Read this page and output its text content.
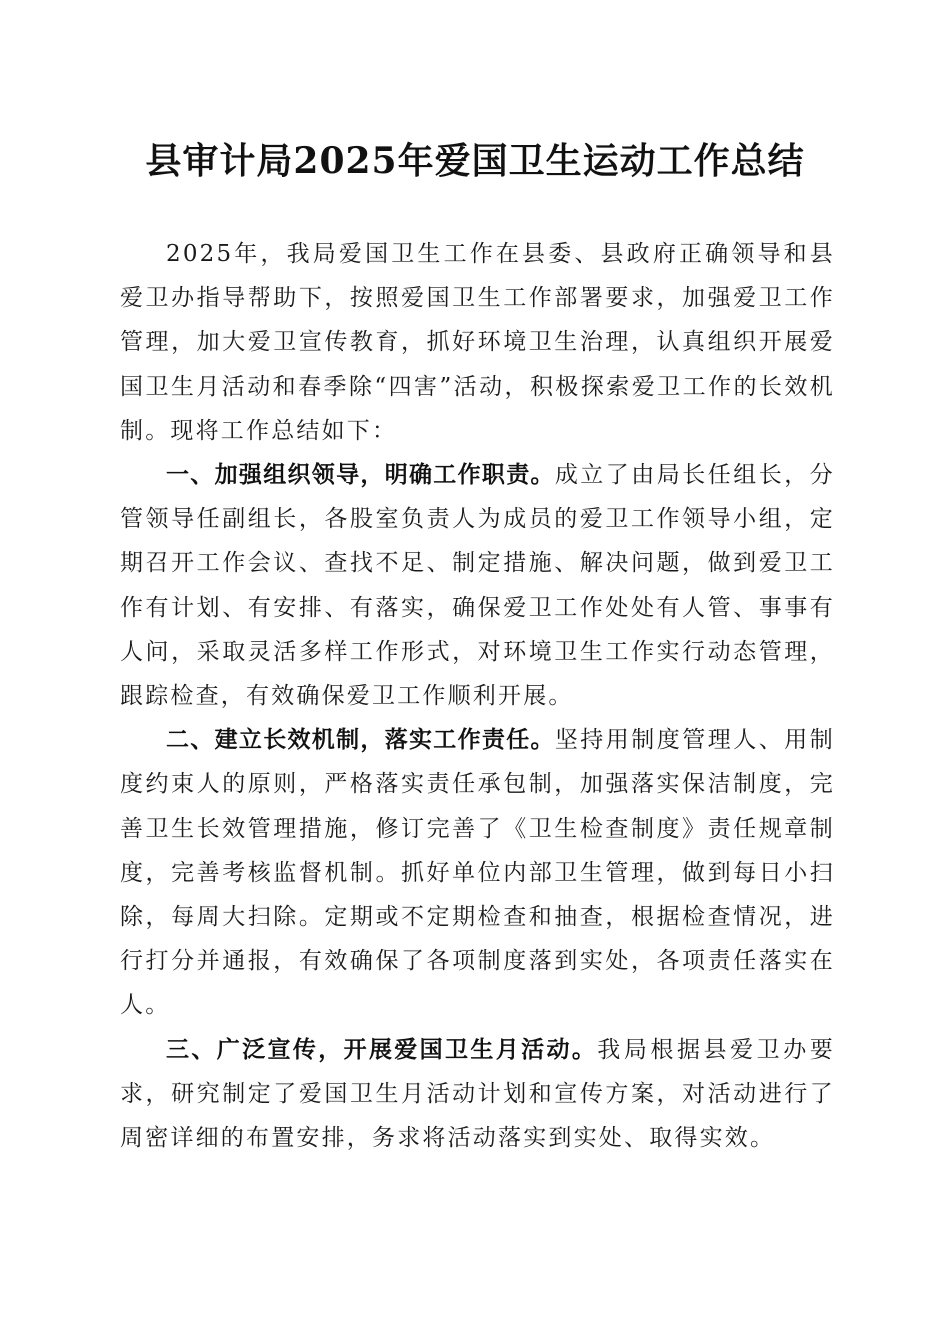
县审计局2025年爱国卫生运动工作总结

2025年，我局爱国卫生工作在县委、县政府正确领导和县爱卫办指导帮助下，按照爱国卫生工作部署要求，加强爱卫工作管理，加大爱卫宣传教育，抓好环境卫生治理，认真组织开展爱国卫生月活动和春季除“四害”活动，积极探索爱卫工作的长效机制。现将工作总结如下：

一、加强组织领导，明确工作职责。成立了由局长任组长，分管领导任副组长，各股室负责人为成员的爱卫工作领导小组，定期召开工作会议、查找不足、制定措施、解决问题，做到爱卫工作有计划、有安排、有落实，确保爱卫工作处处有人管、事事有人问，采取灵活多样工作形式，对环境卫生工作实行动态管理，跟踪检查，有效确保爱卫工作顺利开展。

二、建立长效机制，落实工作责任。坚持用制度管理人、用制度约束人的原则，严格落实责任承包制，加强落实保洁制度，完善卫生长效管理措施，修订完善了《卫生检查制度》责任规章制度，完善考核监督机制。抓好单位内部卫生管理，做到每日小扫除，每周大扫除。定期或不定期检查和抽查，根据检查情况，进行打分并通报，有效确保了各项制度落到实处，各项责任落实在人。

三、广泛宣传，开展爱国卫生月活动。我局根据县爱卫办要求，研究制定了爱国卫生月活动计划和宣传方案，对活动进行了周密详细的布置安排，务求将活动落实到实处、取得实效。
